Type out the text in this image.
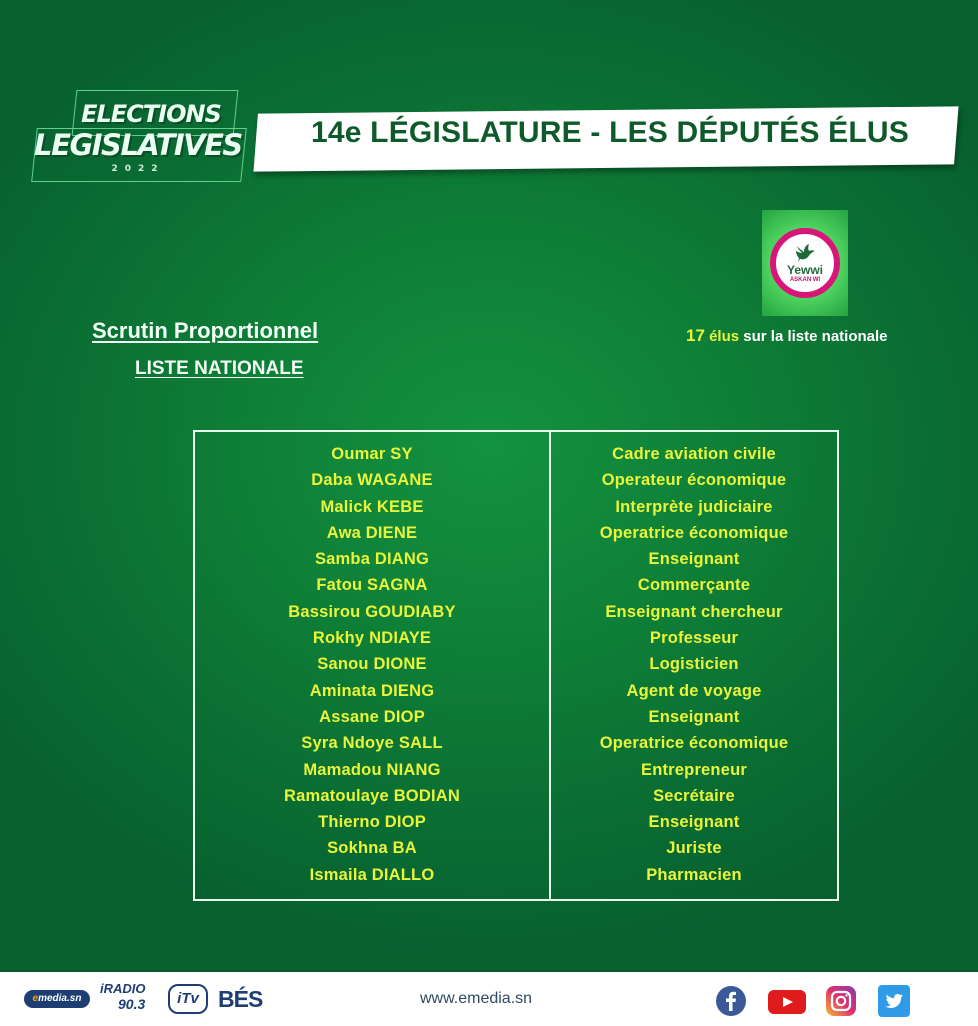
ELECTIONS
LEGISLATIVES
2022
14e LÉGISLATURE - LES DÉPUTÉS ÉLUS
Yewwi
ASKAN WI
17 élus sur la liste nationale
Scrutin Proportionnel
LISTE NATIONALE
Oumar SY
Daba WAGANE
Malick KEBE
Awa DIENE
Samba DIANG
Fatou SAGNA
Bassirou GOUDIABY
Rokhy NDIAYE
Sanou DIONE
Aminata DIENG
Assane DIOP
Syra Ndoye SALL
Mamadou NIANG
Ramatoulaye BODIAN
Thierno DIOP
Sokhna BA
Ismaila DIALLO
Cadre aviation civile
Operateur économique
Interprète judiciaire
Operatrice économique
Enseignant
Commerçante
Enseignant chercheur
Professeur
Logisticien
Agent de voyage
Enseignant
Operatrice économique
Entrepreneur
Secrétaire
Enseignant
Juriste
Pharmacien
emedia.sn
iRADIO
90.3	iTv BÉS	www.emedia.sn
